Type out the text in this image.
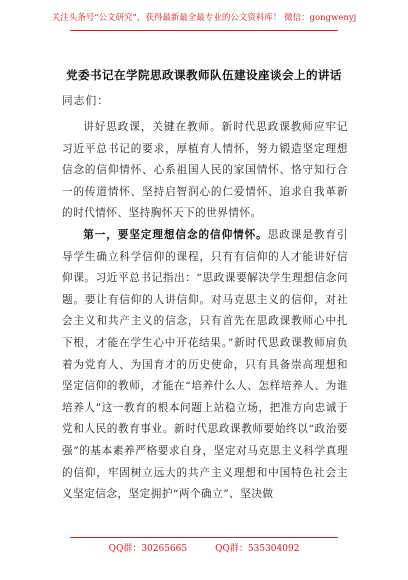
关注头条号“公文研究”，获得最新最全最专业的公文资料库！ 微信：gongwenyj
党委书记在学院思政课教师队伍建设座谈会上的讲话
同志们：

讲好思政课，关键在教师。新时代思政课教师应牢记习近平总书记的要求，厚植育人情怀，努力锻造坚定理想信念的信仰情怀、心系祖国人民的家国情怀、恪守知行合一的传道情怀、坚持启智润心的仁爱情怀、追求自我革新的时代情怀、坚持胸怀天下的世界情怀。

第一，要坚定理想信念的信仰情怀。思政课是教育引导学生确立科学信仰的课程，只有有信仰的人才能讲好信仰课。习近平总书记指出：“思政课要解决学生理想信念问题。要让有信仰的人讲信仰。对马克思主义的信仰，对社会主义和共产主义的信念，只有首先在思政课教师心中扎下根，才能在学生心中开花结果。”新时代思政课教师肩负着为党育人、为国育才的历史使命，只有具备崇高理想和坚定信仰的教师，才能在“培养什么人、怎样培养人、为谁培养人”这一教育的根本问题上站稳立场，把准方向忠诚于党和人民的教育事业。新时代思政课教师要始终以“政治要强”的基本素养严格要求自身，坚定对马克思主义科学真理的信仰，牢固树立远大的共产主义理想和中国特色社会主义坚定信念，坚定拥护“两个确立”、坚决做

QQ群：30265665	QQ群：535304092
